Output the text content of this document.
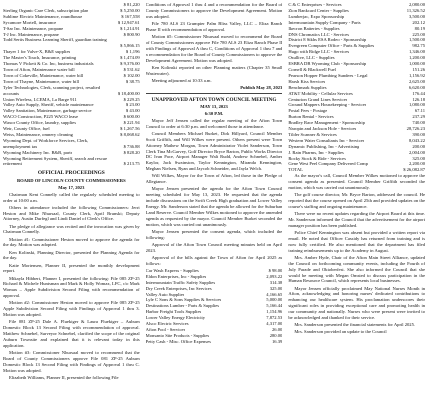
$ 81,220
Sterling Organic Care Clerk, subscription plan	$ 5,250.00
Sublime Electric Maintenance, roundhouse	$ 167,558
Sycamore Mortell, insurance	$ 12,947.61
T-Sar Inc. Maintenance, propane	$ 1,214.91
T-J Inc. Maintenance, propane	$ 800.90
Todd Sertis Business Learning Sheriff, guardian training
$ 5,866.15
Thayer 1 for Valve-X, B&E supplies	$ 1,196
The Master's Touch, Insurance, printing	$ 1,474.09
Thomas V Pickett & Co. Inc, business industrials	$ 9,376.00
Town of Afton, Maintenance water bill	$ 531.62
Town of Cokeville, Maintenance, water bill	$ 102.00
Town of Thayne, Maintenance, water bill	$ 38.75
Tyler Technologies, Clerk, scanning project, resulted
accounts	$ 18,400.00
Union Wireless, LCEMA, La Barge 911	$ 229.25
Valley Auto Supply, Sheriff, vehicle maintenance	$ 23.00
Valley Sanitation, Maintenance, garbage service	$ 43.00
WACO Construction, P225 WACO lease	$ 600.00
Waxor County Office, laundry, supplies	$ 221.94
Weir, County Office, fuel	$ 1,267.56
Weiss, Maintenance, omnery cleaning	$ 8,068.62
Wyoming Dept. of Workforce Services, Clerk,
unemployment tax	$ 736.88
Wyoming Machinery Inc. B&B, parts	$ 828.20
Wyoming Retirement System, Sheriff, search and rescue
retirement	$ 213.75
OFFICIAL PROCEEDINGS
BOARD OF LINCOLN COUNTY COMMISSIONERS
May 17, 2023

Chairman Kent Connelly called the regularly scheduled meeting to order at 10:00 a.m.

Others in attendance included the following Commissioners: Jerri Heston and Mike Nhursaal, County Clerk, April Brunski; Deputy Attorney, Austin Durfegl and Lindi Daniel of Clerk's Office.

The pledge of allegiance was recited and the invocation was given by Chairman Connelly.

Motion #1: Commissioner Heston moved to approve the agenda for the day. Motion was adopted.

Ken Kolinski, Planning Director, presented the Planning Agenda for the day.

Katie Mortensen, Planner II, presented the monthly development report.

Mikayla Hibbert, Planner I, presented the following: File 085 ZP-25 Richard & Michele Huntsman and Mark & Holly Womax, LFC, c/o Mark Womax – Apple Subdivision Second Filing with recommendation of approval.

Motion #2: Commissioner Heston moved to approve File 085 ZP-25 Apple Subdivision Second Filing with Findings of Approval 1 thru 3. Motion was adopted.

File 081 ZP-25 Dale A. Fluekiger & Laura Fluekiger – Auburn Domestic Block 13 Second Filing with recommendation of approval. Matthew Schnebel, Surveyor Schnebel, clarified the scope of the original Auburn Townsite and explained that it is relevant today in this application.

Motion #3: Commissioner Nhursaal moved to recommend that the Board of County Commissioners approve File 081 ZP-25 Auburn Domestic Block 13 Second Filing with Findings of Approval 1 thru C. Motion was adopted.

Elizabeth Williams, Planner II, presented the following File

Conditions of Approval 1 thru 4 and a recommendation for the Board of County Commissioners to approve the Development Agreement. Motion was adopted.

File 780 ALS 23 Grumpier Palm Bliss Valley, LLC – Eliza Ranch Phase II with recommendation of approval.

Motion #5: Commissioner Nhursaal moved to recommend the Board of County Commissioners approve File 780 ALS 23 Eliza Ranch Phase II with Findings of Approval A thru C, Conditions of Approval 1 thru 7 and a recommendation for the Board of County Commissioners to approve the Development Agreement. Motion was adopted.

Ken Kolinski reported on other Planning matters (Chapter 35 Small Wastewater).

Meeting adjourned at 10:33 a.m.

Publish May 28, 2023
UNAPPROVED AFTON TOWN COUNCIL MEETING
MAY 13, 2023
6:30 P.M.

Mayor Jeff Jensen called the regular meeting of the Afton Town Council to order at 6:30 p.m. and welcomed those in attendance.

Council Members Michael Burket, Dirk Hillyard, Council Member Scott Griffith, and Will Wilkes were present. Others present were Town Attorney Mathew Morgan, Town Administrator Violet Sanderson, Town Clerk Tina McGarvey, Golf Director Bryce Barton, Public Works Director DC Ivan Pace, Airport Manager Walt Rudd, Andrew Schnebel, Amber Kaylor, Jack Swainston, Taylor Kennington, Miranda Kennington, Meghan Nielsen, Ryan and Jaycob Schneider, and Jayla Welch.

Will Wilkes, Mayor for the Town of Afton, led those in the Pledge of Allegiance.

Mayor Jensen presented the agenda for the Afton Town Council meeting scheduled for May 13, 2023. He requested that the agenda include discussions on the Swift Creek High graduation and Lower Valley Energy. Mr. Sanderson stated that the agenda be allowed for the Suburban Land Reserve. Council Member Wilkes motioned to approve the amended agenda as requested by the mayor. Council Member Burket seconded the motion, which was carried out unanimously.

Mayor Jensen presented the consent agenda, which included the following:

Approval of the Afton Town Council meeting minutes held on April 2023.

Approval of the bills against the Town of Afton for April 2025 as follows:

Car Wash Express - Supplies	$ 98.00
Eldon Enterprises, Inc - Supplies	2,093.22
Intermountain Traffic Safety Supplies	314.38
Dry Creek Enterprises, Inc Services	325.00
Valley Auto Supplies	4,166.65
Lyle C Sons & Sons Supplies & Services	5,000.00
Destinations Lumber - Parts & Supplies	5,166.44
Harbor Freight Tools Supplies	1,154.96
Lower Valley Energy Electricity	7,872.53
Alsco Electric Services	4,317.00
Afton Pool - Services	26.00
Monsanto Site Products - Supplies	280.00
Petty Cash - Misc. Office Expenses	16.39
C & C Enterprises - Services	2,080.00
Zion Bankcard Center - Supplies	11,326.52
Lumberjac, Expo Sponsorship	3,500.00
Intermountain Supply Company - Parts	202.12
Ikecron Batteries - Supplies	80.19
DNS Chromatics LLC - Services	225.00
District 8 Sikhs ESA Rodeo - Sponsorship	1,500.00
Evergreen Computer Office - Parts & Supplies	982.75
Hugo with Ridge LLC - Services	1,346.00
Osullive, LLC - Supplies	1,200.00
ESBRA DB Wyoming Club - Sponsorship	1,000.00
Cornell & Blackwell Fuel	151.26
Pearson Hopper Plumbing Sundees - Legal	1,156.92
Harsh Kiss Services	2,625.00
Benchmark Supplies	6,620.00
AT&T Mobility - Cellular Services	176.44
Centurion Grand Lines Services	126.18
Ground Mappers Housekeeping - Services	1,080.00
Postal Fees - Postage	67.11
Burton Rental - Services	237.29
Bradley Race Management - Sponsorship	740.00
Naropin and Jackson Hole - Services	28,726.23
Tilder Scanner & Services	390.00
Western Water Consultants Inc - Services	8,043.22
Dynamic Publishing, Inc - Advertising	200.00
J. Rain Pharms, Inc - Supplies	2,004.00
Rocky Stock & Ride - Services	325.00
Gene West Peel Company Delivered Comp	2,200.00
TOTAL	$ 26,082.87

As the mayor's call, Council Member Wilkes motioned to approve the consent agenda as presented. Council Member Griffith seconded the motion, which was carried out unanimously.

The golf course director, Mr. Bryce Barton, addressed the council. He reported that the course opened on April 25th and provided updates on the course's staffing and ongoing maintenance.

There were no recent updates regarding the Airport Board at this time. Mr. Sanderson informed the Council that the advertisement for the airport manager position has been published.

Police Chief Kennington was absent but provided a written report via email. He noted that Officer Cassidy has returned from training and is now fully certified. He also mentioned that the department has filed training reimbursements up to the Academy in August.

Mrs. Amber Hyde, Chair of the Afton Main Street Alliance, updated the Council on forthcoming community events, including the Fourth of July Parade and Oktoberfest. She also informed the Council that she would be meeting with Megan Omsted to discuss participation in the Human Resource Council, which represents local businesses.

Mayor Jensen officially proclaimed May National Nurses Month in Afton, acknowledging and honoring nurses' dedicated contributions to enhancing our healthcare system. His proclamation underscores their significant roles in providing exceptional care and promoting health in our community and nationally. Nurses who were present were invited to be acknowledged and thanked for their service.

Mrs. Sanderson presented the financial statements for April 2025.

Mrs. Sanderson provided an update to the Council
